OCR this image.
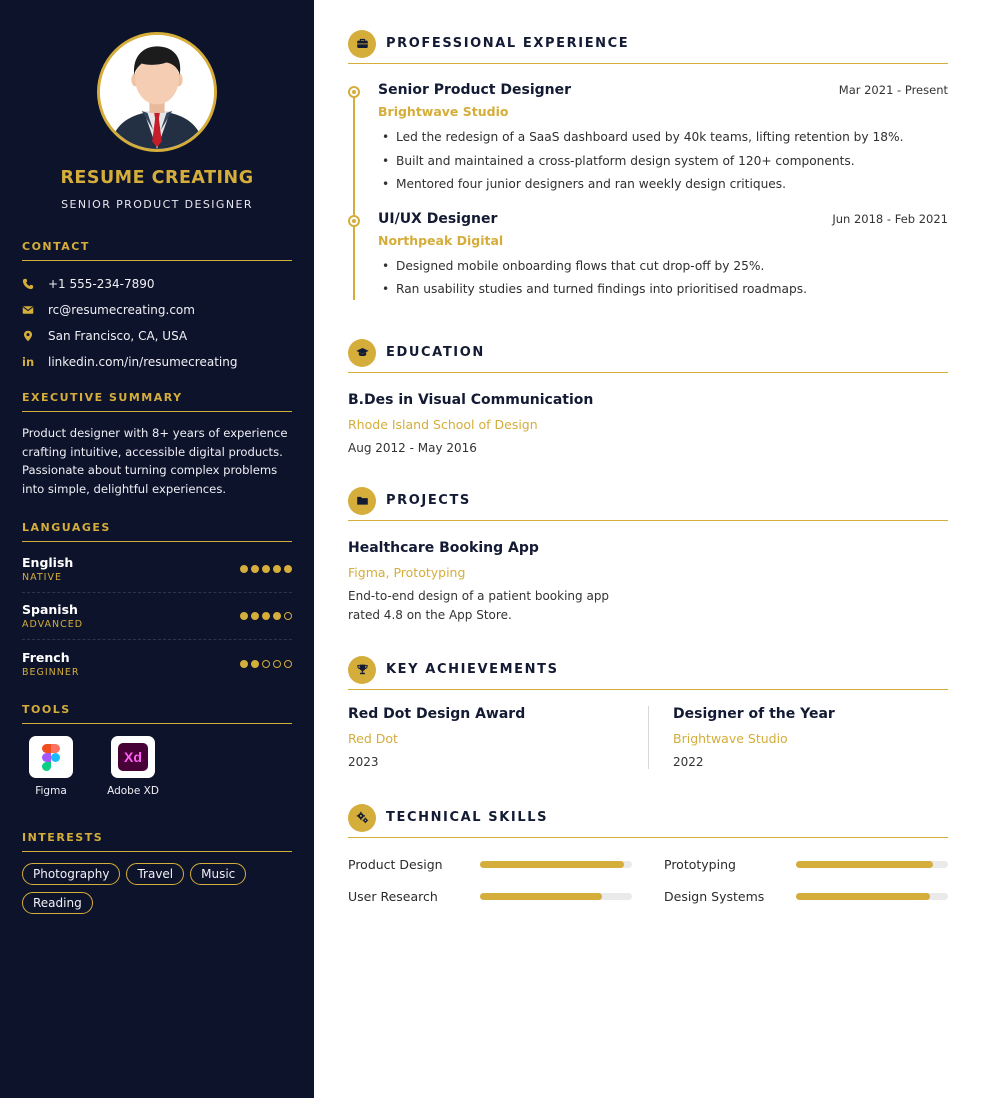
RESUME CREATING
SENIOR PRODUCT DESIGNER
CONTACT
+1 555-234-7890
rc@resumecreating.com
San Francisco, CA, USA
in	linkedin.com/in/resumecreating
EXECUTIVE SUMMARY

Product designer with 8+ years of experience crafting intuitive, accessible digital products. Passionate about turning complex problems into simple, delightful experiences.

LANGUAGES
English
NATIVE
Spanish
ADVANCED
French
BEGINNER
TOOLS
Figma
Xd
Adobe XD
INTERESTS
Photography	Travel	Music
Reading
PROFESSIONAL EXPERIENCE
Senior Product Designer	Mar 2021 - Present
Brightwave Studio
• Led the redesign of a SaaS dashboard used by 40k teams, lifting retention by 18%.
• Built and maintained a cross-platform design system of 120+ components.
• Mentored four junior designers and ran weekly design critiques.
UI/UX Designer	Jun 2018 - Feb 2021
Northpeak Digital
• Designed mobile onboarding flows that cut drop-off by 25%.
• Ran usability studies and turned findings into prioritised roadmaps.
EDUCATION
B.Des in Visual Communication
Rhode Island School of Design
Aug 2012 - May 2016
PROJECTS
Healthcare Booking App
Figma, Prototyping
End-to-end design of a patient booking app rated 4.8 on the App Store.
KEY ACHIEVEMENTS
Red Dot Design Award
Red Dot
2023
Designer of the Year
Brightwave Studio
2022
TECHNICAL SKILLS
Product Design	Prototyping
User Research	Design Systems
